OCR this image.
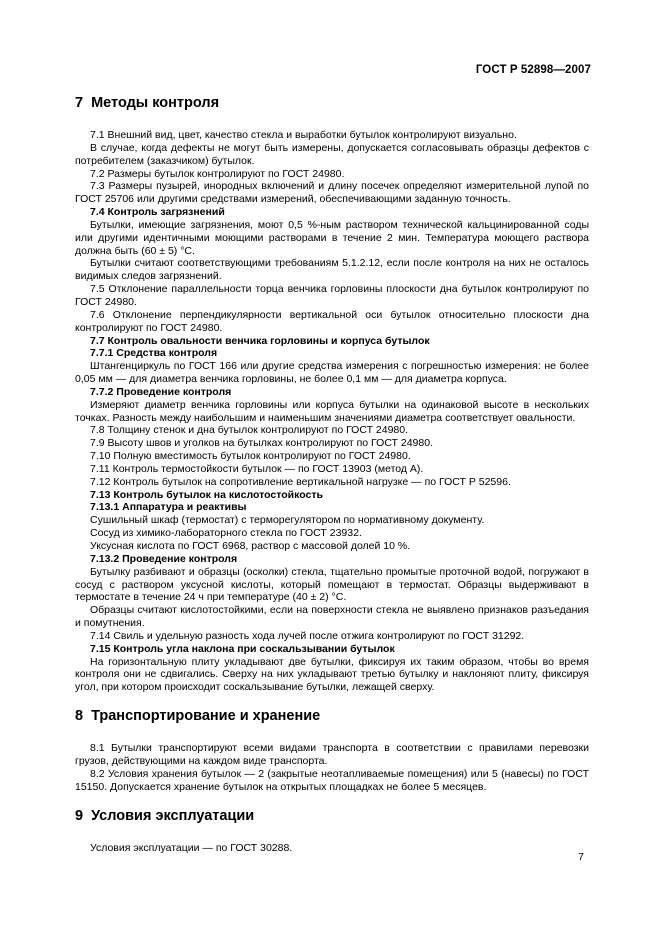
ГОСТ Р 52898—2007
7 Методы контроля

7.1 Внешний вид, цвет, качество стекла и выработки бутылок контролируют визуально.

В случае, когда дефекты не могут быть измерены, допускается согласовывать образцы дефектов с потребителем (заказчиком) бутылок.

7.2 Размеры бутылок контролируют по ГОСТ 24980.

7.3 Размеры пузырей, инородных включений и длину посечек определяют измерительной лупой по ГОСТ 25706 или другими средствами измерений, обеспечивающими заданную точность.

7.4 Контроль загрязнений

Бутылки, имеющие загрязнения, моют 0,5 %-ным раствором технической кальцинированной соды или другими идентичными моющими растворами в течение 2 мин. Температура моющего раствора должна быть (60 ± 5) °С.

Бутылки считают соответствующими требованиям 5.1.2.12, если после контроля на них не осталось видимых следов загрязнений.

7.5 Отклонение параллельности торца венчика горловины плоскости дна бутылок контролируют по ГОСТ 24980.

7.6 Отклонение перпендикулярности вертикальной оси бутылок относительно плоскости дна контролируют по ГОСТ 24980.

7.7 Контроль овальности венчика горловины и корпуса бутылок

7.7.1 Средства контроля

Штангенциркуль по ГОСТ 166 или другие средства измерения с погрешностью измерения: не более 0,05 мм — для диаметра венчика горловины, не более 0,1 мм — для диаметра корпуса.

7.7.2 Проведение контроля

Измеряют диаметр венчика горловины или корпуса бутылки на одинаковой высоте в нескольких точках. Разность между наибольшим и наименьшим значениями диаметра соответствует овальности.

7.8 Толщину стенок и дна бутылок контролируют по ГОСТ 24980.

7.9 Высоту швов и уголков на бутылках контролируют по ГОСТ 24980.

7.10 Полную вместимость бутылок контролируют по ГОСТ 24980.

7.11 Контроль термостойкости бутылок — по ГОСТ 13903 (метод А).

7.12 Контроль бутылок на сопротивление вертикальной нагрузке — по ГОСТ Р 52596.

7.13 Контроль бутылок на кислотостойкость

7.13.1 Аппаратура и реактивы

Сушильный шкаф (термостат) с терморегулятором по нормативному документу.

Сосуд из химико-лабораторного стекла по ГОСТ 23932.

Уксусная кислота по ГОСТ 6968, раствор с массовой долей 10 %.

7.13.2 Проведение контроля

Бутылку разбивают и образцы (осколки) стекла, тщательно промытые проточной водой, погружают в сосуд с раствором уксусной кислоты, который помещают в термостат. Образцы выдерживают в термостате в течение 24 ч при температуре (40 ± 2) °С.

Образцы считают кислотостойкими, если на поверхности стекла не выявлено признаков разъедания и помутнения.

7.14 Свиль и удельную разность хода лучей после отжига контролируют по ГОСТ 31292.

7.15 Контроль угла наклона при соскальзывании бутылок

На горизонтальную плиту укладывают две бутылки, фиксируя их таким образом, чтобы во время контроля они не сдвигались. Сверху на них укладывают третью бутылку и наклоняют плиту, фиксируя угол, при котором происходит соскальзывание бутылки, лежащей сверху.

8 Транспортирование и хранение

8.1 Бутылки транспортируют всеми видами транспорта в соответствии с правилами перевозки грузов, действующими на каждом виде транспорта.

8.2 Условия хранения бутылок — 2 (закрытые неотапливаемые помещения) или 5 (навесы) по ГОСТ 15150. Допускается хранение бутылок на открытых площадках не более 5 месяцев.

9 Условия эксплуатации

Условия эксплуатации — по ГОСТ 30288.

7
